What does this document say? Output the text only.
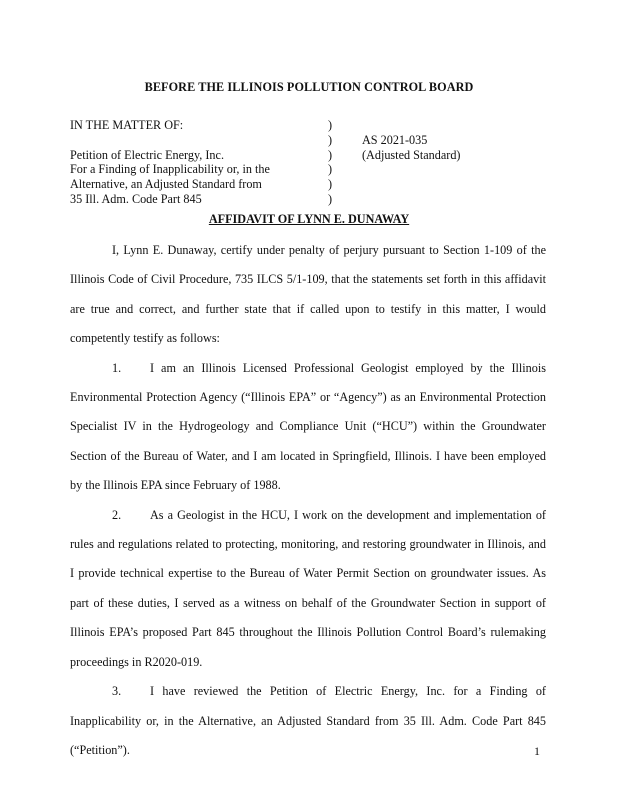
BEFORE THE ILLINOIS POLLUTION CONTROL BOARD
IN THE MATTER OF:

Petition of Electric Energy, Inc.
For a Finding of Inapplicability or, in the
Alternative, an Adjusted Standard from
35 Ill. Adm. Code Part 845
)
)
)
)
)
)
AS 2021-035
(Adjusted Standard)
AFFIDAVIT OF LYNN E. DUNAWAY

I, Lynn E. Dunaway, certify under penalty of perjury pursuant to Section 1-109 of the Illinois Code of Civil Procedure, 735 ILCS 5/1-109, that the statements set forth in this affidavit are true and correct, and further state that if called upon to testify in this matter, I would competently testify as follows:

1. I am an Illinois Licensed Professional Geologist employed by the Illinois Environmental Protection Agency (“Illinois EPA” or “Agency”) as an Environmental Protection Specialist IV in the Hydrogeology and Compliance Unit (“HCU”) within the Groundwater Section of the Bureau of Water, and I am located in Springfield, Illinois. I have been employed by the Illinois EPA since February of 1988.

2. As a Geologist in the HCU, I work on the development and implementation of rules and regulations related to protecting, monitoring, and restoring groundwater in Illinois, and I provide technical expertise to the Bureau of Water Permit Section on groundwater issues. As part of these duties, I served as a witness on behalf of the Groundwater Section in support of Illinois EPA’s proposed Part 845 throughout the Illinois Pollution Control Board’s rulemaking proceedings in R2020-019.

3. I have reviewed the Petition of Electric Energy, Inc. for a Finding of Inapplicability or, in the Alternative, an Adjusted Standard from 35 Ill. Adm. Code Part 845 (“Petition”).	1
